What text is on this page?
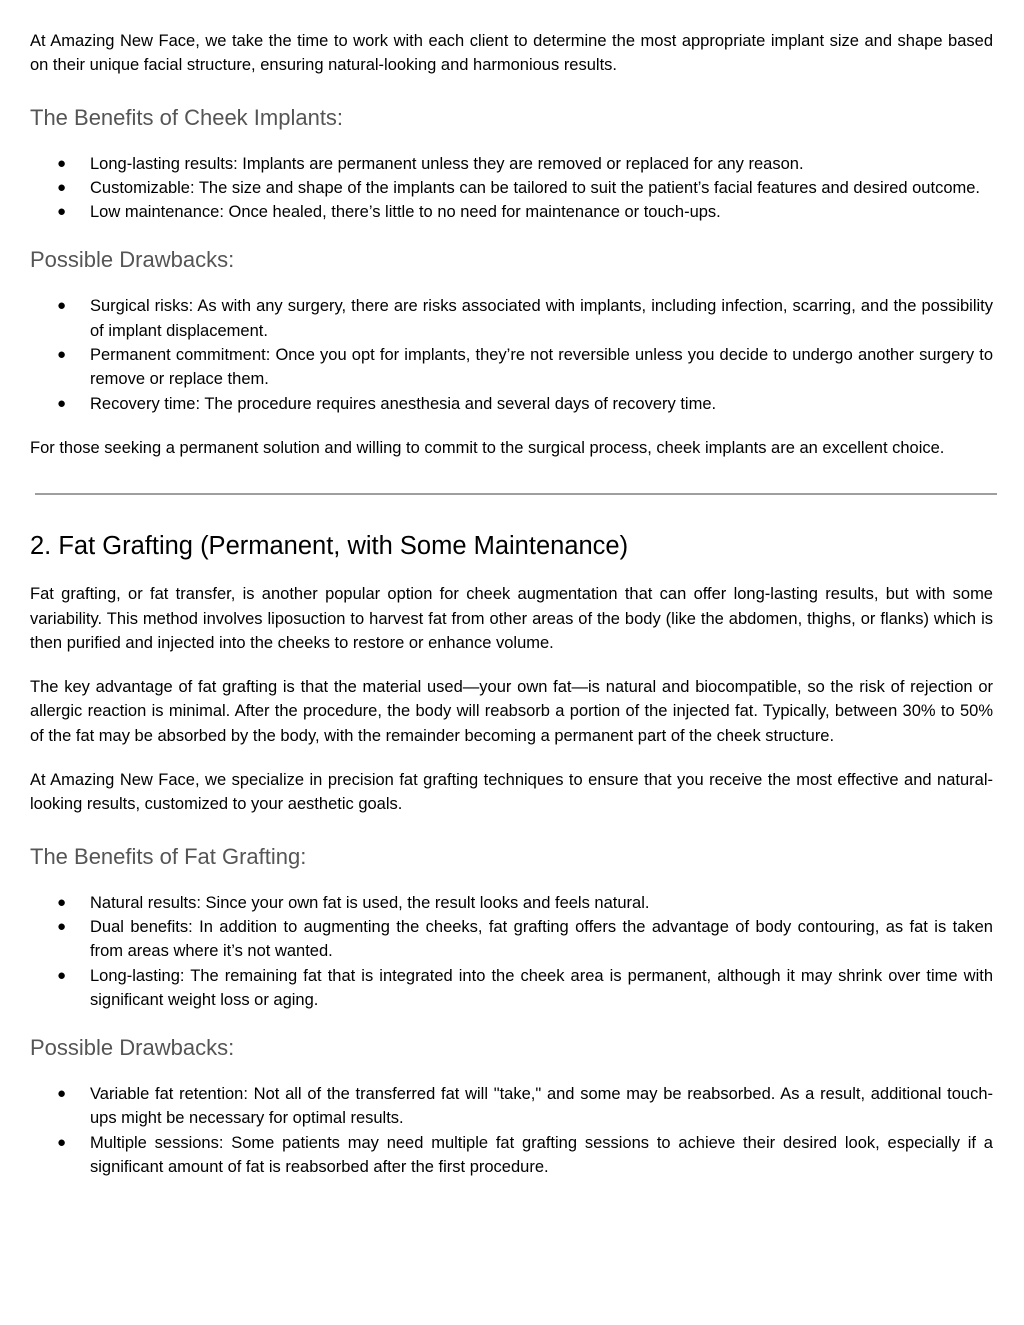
At Amazing New Face, we take the time to work with each client to determine the most appropriate implant size and shape based on their unique facial structure, ensuring natural-looking and harmonious results.

The Benefits of Cheek Implants:
● Long-lasting results: Implants are permanent unless they are removed or replaced for any reason.
● Customizable: The size and shape of the implants can be tailored to suit the patient’s facial features and desired outcome.
● Low maintenance: Once healed, there’s little to no need for maintenance or touch-ups.
Possible Drawbacks:
● Surgical risks: As with any surgery, there are risks associated with implants, including infection, scarring, and the possibility of implant displacement.
● Permanent commitment: Once you opt for implants, they’re not reversible unless you decide to undergo another surgery to remove or replace them.
● Recovery time: The procedure requires anesthesia and several days of recovery time.

For those seeking a permanent solution and willing to commit to the surgical process, cheek implants are an excellent choice.

2. Fat Grafting (Permanent, with Some Maintenance)

Fat grafting, or fat transfer, is another popular option for cheek augmentation that can offer long-lasting results, but with some variability. This method involves liposuction to harvest fat from other areas of the body (like the abdomen, thighs, or flanks) which is then purified and injected into the cheeks to restore or enhance volume.

The key advantage of fat grafting is that the material used—your own fat—is natural and biocompatible, so the risk of rejection or allergic reaction is minimal. After the procedure, the body will reabsorb a portion of the injected fat. Typically, between 30% to 50% of the fat may be absorbed by the body, with the remainder becoming a permanent part of the cheek structure.

At Amazing New Face, we specialize in precision fat grafting techniques to ensure that you receive the most effective and natural-looking results, customized to your aesthetic goals.

The Benefits of Fat Grafting:
● Natural results: Since your own fat is used, the result looks and feels natural.
● Dual benefits: In addition to augmenting the cheeks, fat grafting offers the advantage of body contouring, as fat is taken from areas where it’s not wanted.
● Long-lasting: The remaining fat that is integrated into the cheek area is permanent, although it may shrink over time with significant weight loss or aging.
Possible Drawbacks:
● Variable fat retention: Not all of the transferred fat will "take," and some may be reabsorbed. As a result, additional touch-ups might be necessary for optimal results.
● Multiple sessions: Some patients may need multiple fat grafting sessions to achieve their desired look, especially if a significant amount of fat is reabsorbed after the first procedure.
